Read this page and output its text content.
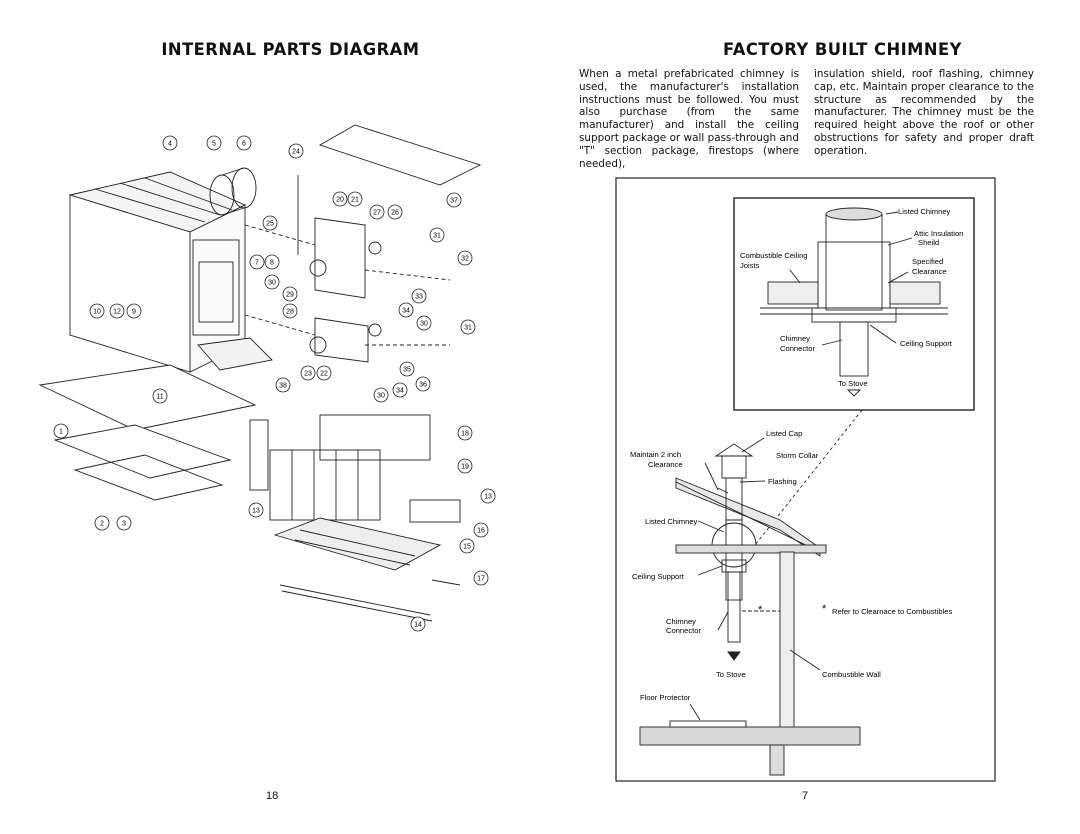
INTERNAL PARTS DIAGRAM	FACTORY BUILT CHIMNEY
When a metal prefabricated chimney is used, the manufacturer's installation instructions must be followed. You must also purchase (from the same manufacturer) and install the ceiling support package or wall pass-through and "T" section package, firestops (where needed),
insulation shield, roof flashing, chimney cap, etc. Maintain proper clearance to the structure as recommended by the manufacturer. The chimney must be the required height above the roof or other obstructions for safety and proper draft operation.
18	7
1
2	3
4	5	6
7 8
9
10
11
12
13
13
14
15
16
17
18
19
20 21
22
23
24
25
26
27
28
29
30
30
30
31
31
32
33
34
34
35
36
37
38
Listed Chimney
Attic Insulation
Sheild
Combustible Ceiling
Joists	Specified
Clearance
Chimney
Connector
Ceiling Support
To Stove
Listed Cap
Maintain 2 inch
Clearance
Storm Collar
Flashing
Listed Chimney
Ceiling Support
*	* Refer to Clearnace to Combustibles
Chimney
Connector
To Stove	Combustible Wall
Floor Protector
